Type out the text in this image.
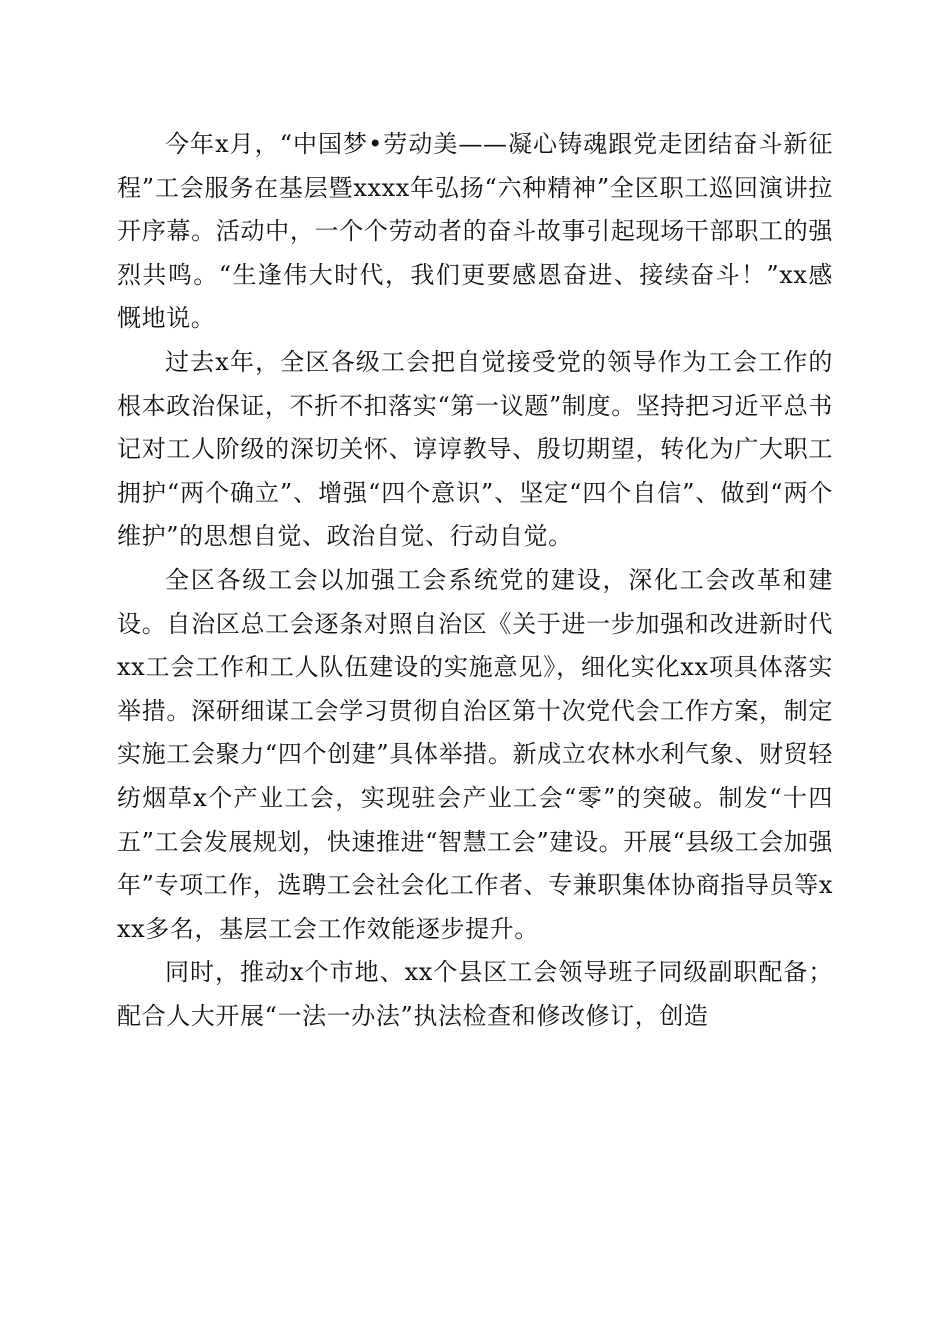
今年x月，“中国梦•劳动美——凝心铸魂跟党走团结奋斗新征程”工会服务在基层暨xxxx年弘扬“六种精神”全区职工巡回演讲拉开序幕。活动中，一个个劳动者的奋斗故事引起现场干部职工的强烈共鸣。“生逢伟大时代，我们更要感恩奋进、接续奋斗！”xx感慨地说。

过去x年，全区各级工会把自觉接受党的领导作为工会工作的根本政治保证，不折不扣落实“第一议题”制度。坚持把习近平总书记对工人阶级的深切关怀、谆谆教导、殷切期望，转化为广大职工拥护“两个确立”、增强“四个意识”、坚定“四个自信”、做到“两个维护”的思想自觉、政治自觉、行动自觉。

全区各级工会以加强工会系统党的建设，深化工会改革和建设。自治区总工会逐条对照自治区《关于进一步加强和改进新时代xx工会工作和工人队伍建设的实施意见》，细化实化xx项具体落实举措。深研细谋工会学习贯彻自治区第十次党代会工作方案，制定实施工会聚力“四个创建”具体举措。新成立农林水利气象、财贸轻纺烟草x个产业工会，实现驻会产业工会“零”的突破。制发“十四五”工会发展规划，快速推进“智慧工会”建设。开展“县级工会加强年”专项工作，选聘工会社会化工作者、专兼职集体协商指导员等xxx多名，基层工会工作效能逐步提升。

同时，推动x个市地、xx个县区工会领导班子同级副职配备；配合人大开展“一法一办法”执法检查和修改修订，创造
